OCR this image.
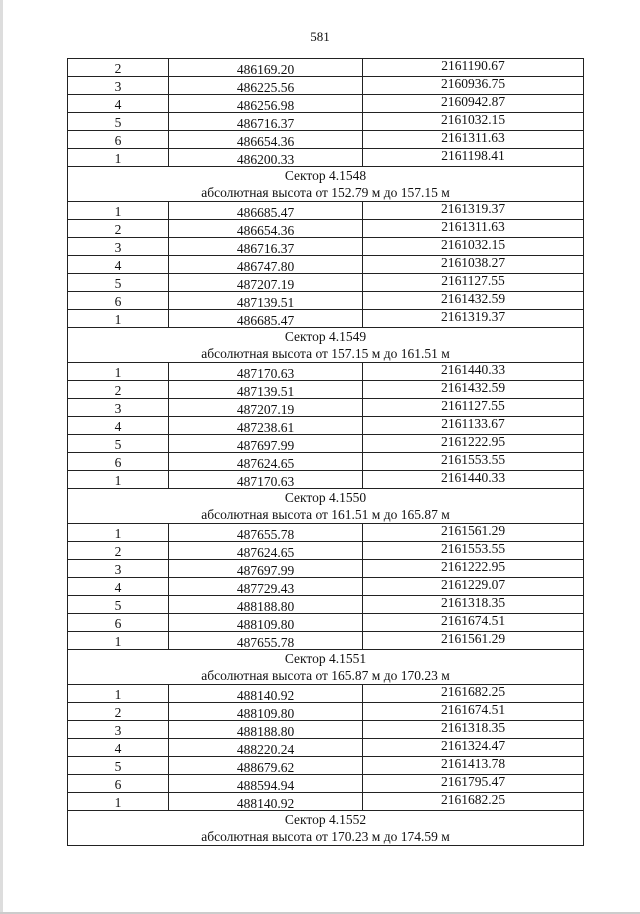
581
2	486169.20	2161190.67
3	486225.56	2160936.75
4	486256.98	2160942.87
5	486716.37	2161032.15
6	486654.36	2161311.63
1	486200.33	2161198.41

Сектор 4.1548
абсолютная высота от 152.79 м до 157.15 м		

1	486685.47	2161319.37
2	486654.36	2161311.63
3	486716.37	2161032.15
4	486747.80	2161038.27
5	487207.19	2161127.55
6	487139.51	2161432.59
1	486685.47	2161319.37

Сектор 4.1549
абсолютная высота от 157.15 м до 161.51 м		

1	487170.63	2161440.33
2	487139.51	2161432.59
3	487207.19	2161127.55
4	487238.61	2161133.67
5	487697.99	2161222.95
6	487624.65	2161553.55
1	487170.63	2161440.33

Сектор 4.1550
абсолютная высота от 161.51 м до 165.87 м		

1	487655.78	2161561.29
2	487624.65	2161553.55
3	487697.99	2161222.95
4	487729.43	2161229.07
5	488188.80	2161318.35
6	488109.80	2161674.51
1	487655.78	2161561.29

Сектор 4.1551
абсолютная высота от 165.87 м до 170.23 м		

1	488140.92	2161682.25
2	488109.80	2161674.51
3	488188.80	2161318.35
4	488220.24	2161324.47
5	488679.62	2161413.78
6	488594.94	2161795.47
1	488140.92	2161682.25

Сектор 4.1552
абсолютная высота от 170.23 м до 174.59 м		
